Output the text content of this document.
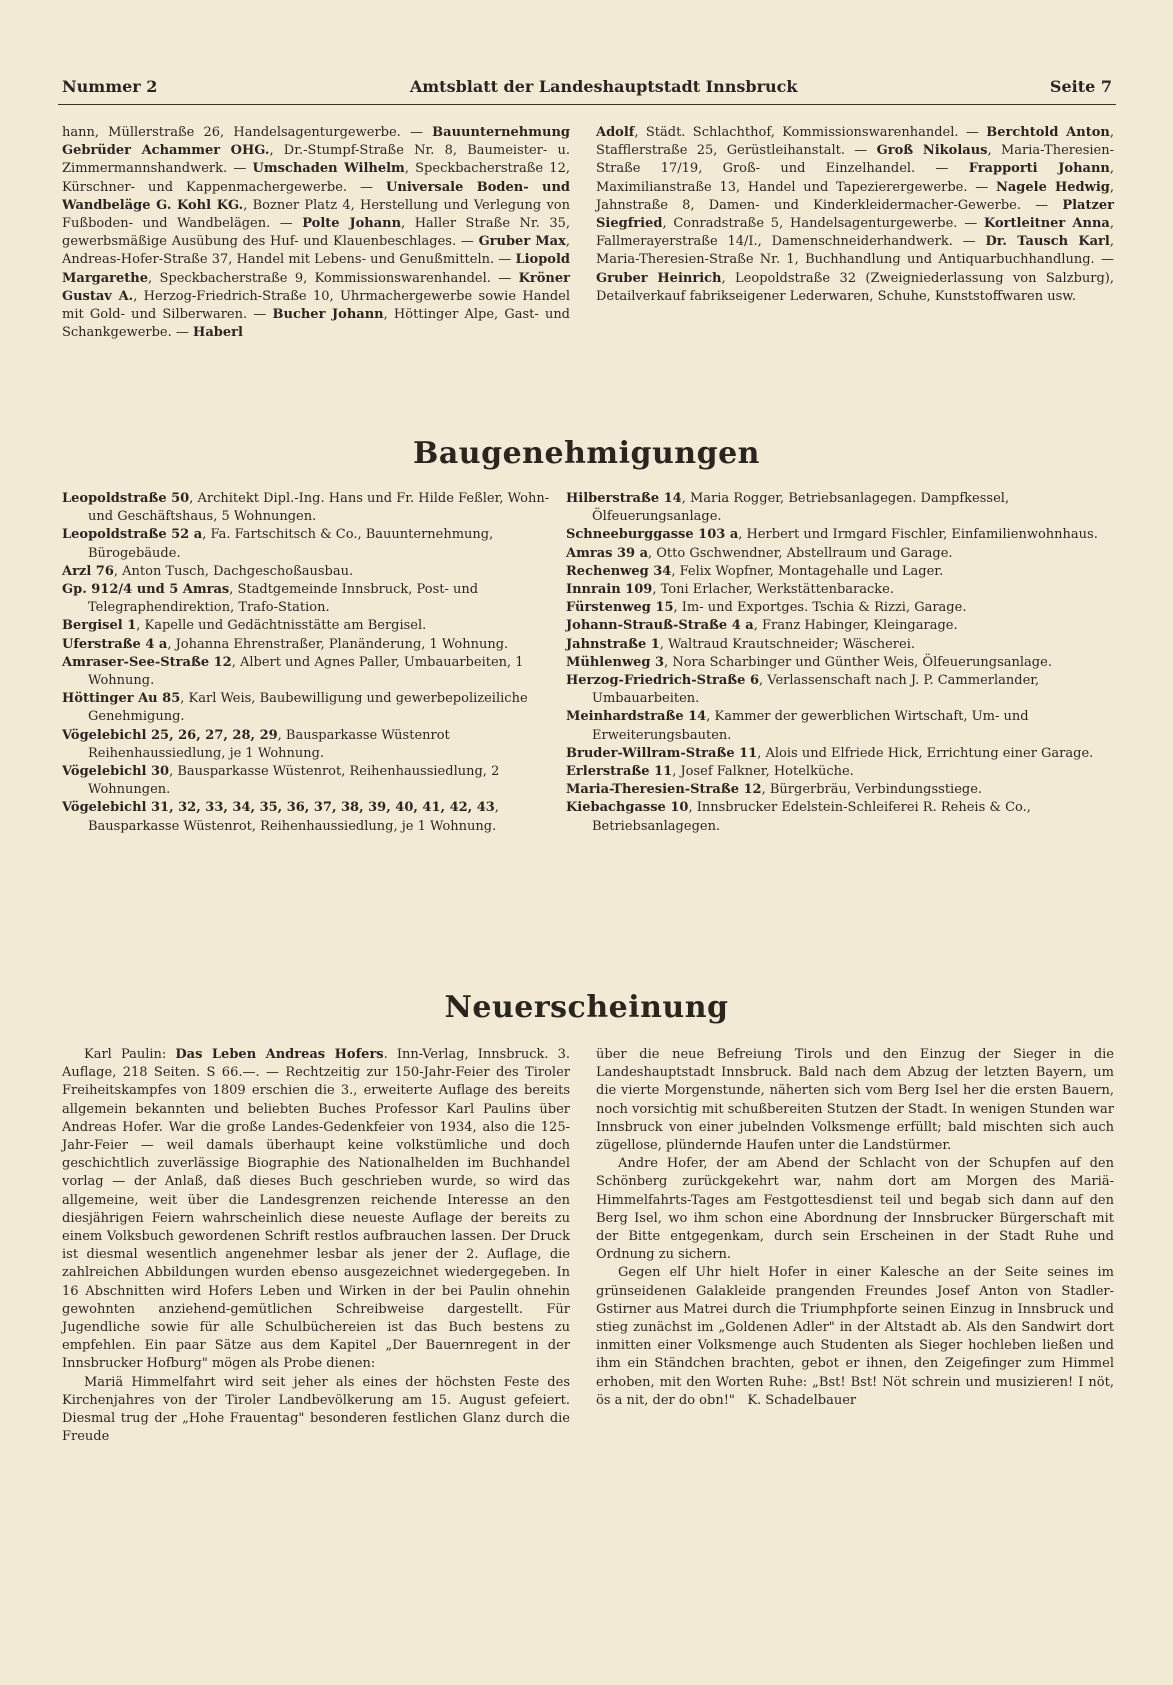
Nummer 2	Amtsblatt der Landeshauptstadt Innsbruck	Seite 7

hann, Müllerstraße 26, Handelsagenturgewerbe. — Bauunternehmung Gebrüder Achammer OHG., Dr.-Stumpf-Straße Nr. 8, Baumeister- u. Zimmermannshandwerk. — Umschaden Wilhelm, Speckbacherstraße 12, Kürschner- und Kappenmachergewerbe. — Universale Boden- und Wandbeläge G. Kohl KG., Bozner Platz 4, Herstellung und Verlegung von Fußboden- und Wandbelägen. — Polte Johann, Haller Straße Nr. 35, gewerbsmäßige Ausübung des Huf- und Klauenbeschlages. — Gruber Max, Andreas-Hofer-Straße 37, Handel mit Lebens- und Genußmitteln. — Liopold Margarethe, Speckbacherstraße 9, Kommissionswarenhandel. — Kröner Gustav A., Herzog-Friedrich-Straße 10, Uhrmachergewerbe sowie Handel mit Gold- und Silberwaren. — Bucher Johann, Höttinger Alpe, Gast- und Schankgewerbe. — Haberl

Adolf, Städt. Schlachthof, Kommissionswarenhandel. — Berchtold Anton, Stafflerstraße 25, Gerüstleihanstalt. — Groß Nikolaus, Maria-Theresien-Straße 17/19, Groß- und Einzelhandel. — Frapporti Johann, Maximilianstraße 13, Handel und Tapezierergewerbe. — Nagele Hedwig, Jahnstraße 8, Damen- und Kinderkleidermacher-Gewerbe. — Platzer Siegfried, Conradstraße 5, Handelsagenturgewerbe. — Kortleitner Anna, Fallmerayerstraße 14/I., Damenschneiderhandwerk. — Dr. Tausch Karl, Maria-Theresien-Straße Nr. 1, Buchhandlung und Antiquarbuchhandlung. — Gruber Heinrich, Leopoldstraße 32 (Zweigniederlassung von Salzburg), Detailverkauf fabrikseigener Lederwaren, Schuhe, Kunststoffwaren usw.

Baugenehmigungen

Leopoldstraße 50, Architekt Dipl.-Ing. Hans und Fr. Hilde Feßler, Wohn- und Geschäftshaus, 5 Wohnungen.

Leopoldstraße 52 a, Fa. Fartschitsch & Co., Bauunternehmung, Bürogebäude.

Arzl 76, Anton Tusch, Dachgeschoßausbau.

Gp. 912/4 und 5 Amras, Stadtgemeinde Innsbruck, Post- und Telegraphendirektion, Trafo-Station.

Bergisel 1, Kapelle und Gedächtnisstätte am Bergisel.

Uferstraße 4 a, Johanna Ehrenstraßer, Planänderung, 1 Wohnung.

Amraser-See-Straße 12, Albert und Agnes Paller, Umbauarbeiten, 1 Wohnung.

Höttinger Au 85, Karl Weis, Baubewilligung und gewerbepolizeiliche Genehmigung.

Vögelebichl 25, 26, 27, 28, 29, Bausparkasse Wüstenrot Reihenhaussiedlung, je 1 Wohnung.

Vögelebichl 30, Bausparkasse Wüstenrot, Reihenhaussiedlung, 2 Wohnungen.

Vögelebichl 31, 32, 33, 34, 35, 36, 37, 38, 39, 40, 41, 42, 43, Bausparkasse Wüstenrot, Reihenhaussiedlung, je 1 Wohnung.

Hilberstraße 14, Maria Rogger, Betriebsanlagegen. Dampfkessel, Ölfeuerungsanlage.

Schneeburggasse 103 a, Herbert und Irmgard Fischler, Einfamilienwohnhaus.

Amras 39 a, Otto Gschwendner, Abstellraum und Garage.

Rechenweg 34, Felix Wopfner, Montagehalle und Lager.

Innrain 109, Toni Erlacher, Werkstättenbaracke.

Fürstenweg 15, Im- und Exportges. Tschia & Rizzi, Garage.

Johann-Strauß-Straße 4 a, Franz Habinger, Kleingarage.

Jahnstraße 1, Waltraud Krautschneider; Wäscherei.

Mühlenweg 3, Nora Scharbinger und Günther Weis, Ölfeuerungsanlage.

Herzog-Friedrich-Straße 6, Verlassenschaft nach J. P. Cammerlander, Umbauarbeiten.

Meinhardstraße 14, Kammer der gewerblichen Wirtschaft, Um- und Erweiterungsbauten.

Bruder-Willram-Straße 11, Alois und Elfriede Hick, Errichtung einer Garage.

Erlerstraße 11, Josef Falkner, Hotelküche.

Maria-Theresien-Straße 12, Bürgerbräu, Verbindungsstiege.

Kiebachgasse 10, Innsbrucker Edelstein-Schleiferei R. Reheis & Co., Betriebsanlagegen.

Neuerscheinung

Karl Paulin: Das Leben Andreas Hofers. Inn-Verlag, Innsbruck. 3. Auflage, 218 Seiten. S 66.—. — Rechtzeitig zur 150-Jahr-Feier des Tiroler Freiheitskampfes von 1809 erschien die 3., erweiterte Auflage des bereits allgemein bekannten und beliebten Buches Professor Karl Paulins über Andreas Hofer. War die große Landes-Gedenkfeier von 1934, also die 125-Jahr-Feier — weil damals überhaupt keine volkstümliche und doch geschichtlich zuverlässige Biographie des Nationalhelden im Buchhandel vorlag — der Anlaß, daß dieses Buch geschrieben wurde, so wird das allgemeine, weit über die Landesgrenzen reichende Interesse an den diesjährigen Feiern wahrscheinlich diese neueste Auflage der bereits zu einem Volksbuch gewordenen Schrift restlos aufbrauchen lassen. Der Druck ist diesmal wesentlich angenehmer lesbar als jener der 2. Auflage, die zahlreichen Abbildungen wurden ebenso ausgezeichnet wiedergegeben. In 16 Abschnitten wird Hofers Leben und Wirken in der bei Paulin ohnehin gewohnten anziehend-gemütlichen Schreibweise dargestellt. Für Jugendliche sowie für alle Schulbüchereien ist das Buch bestens zu empfehlen. Ein paar Sätze aus dem Kapitel „Der Bauernregent in der Innsbrucker Hofburg" mögen als Probe dienen:

Mariä Himmelfahrt wird seit jeher als eines der höchsten Feste des Kirchenjahres von der Tiroler Landbevölkerung am 15. August gefeiert. Diesmal trug der „Hohe Frauentag" besonderen festlichen Glanz durch die Freude

über die neue Befreiung Tirols und den Einzug der Sieger in die Landeshauptstadt Innsbruck. Bald nach dem Abzug der letzten Bayern, um die vierte Morgenstunde, näherten sich vom Berg Isel her die ersten Bauern, noch vorsichtig mit schußbereiten Stutzen der Stadt. In wenigen Stunden war Innsbruck von einer jubelnden Volksmenge erfüllt; bald mischten sich auch zügellose, plündernde Haufen unter die Landstürmer.

Andre Hofer, der am Abend der Schlacht von der Schupfen auf den Schönberg zurückgekehrt war, nahm dort am Morgen des Mariä-Himmelfahrts-Tages am Festgottesdienst teil und begab sich dann auf den Berg Isel, wo ihm schon eine Abordnung der Innsbrucker Bürgerschaft mit der Bitte entgegenkam, durch sein Erscheinen in der Stadt Ruhe und Ordnung zu sichern.

Gegen elf Uhr hielt Hofer in einer Kalesche an der Seite seines im grünseidenen Galakleide prangenden Freundes Josef Anton von Stadler-Gstirner aus Matrei durch die Triumphpforte seinen Einzug in Innsbruck und stieg zunächst im „Goldenen Adler" in der Altstadt ab. Als den Sandwirt dort inmitten einer Volksmenge auch Studenten als Sieger hochleben ließen und ihm ein Ständchen brachten, gebot er ihnen, den Zeigefinger zum Himmel erhoben, mit den Worten Ruhe: „Bst! Bst! Nöt schrein und musizieren! I nöt, ös a nit, der do obn!" K. Schadelbauer
